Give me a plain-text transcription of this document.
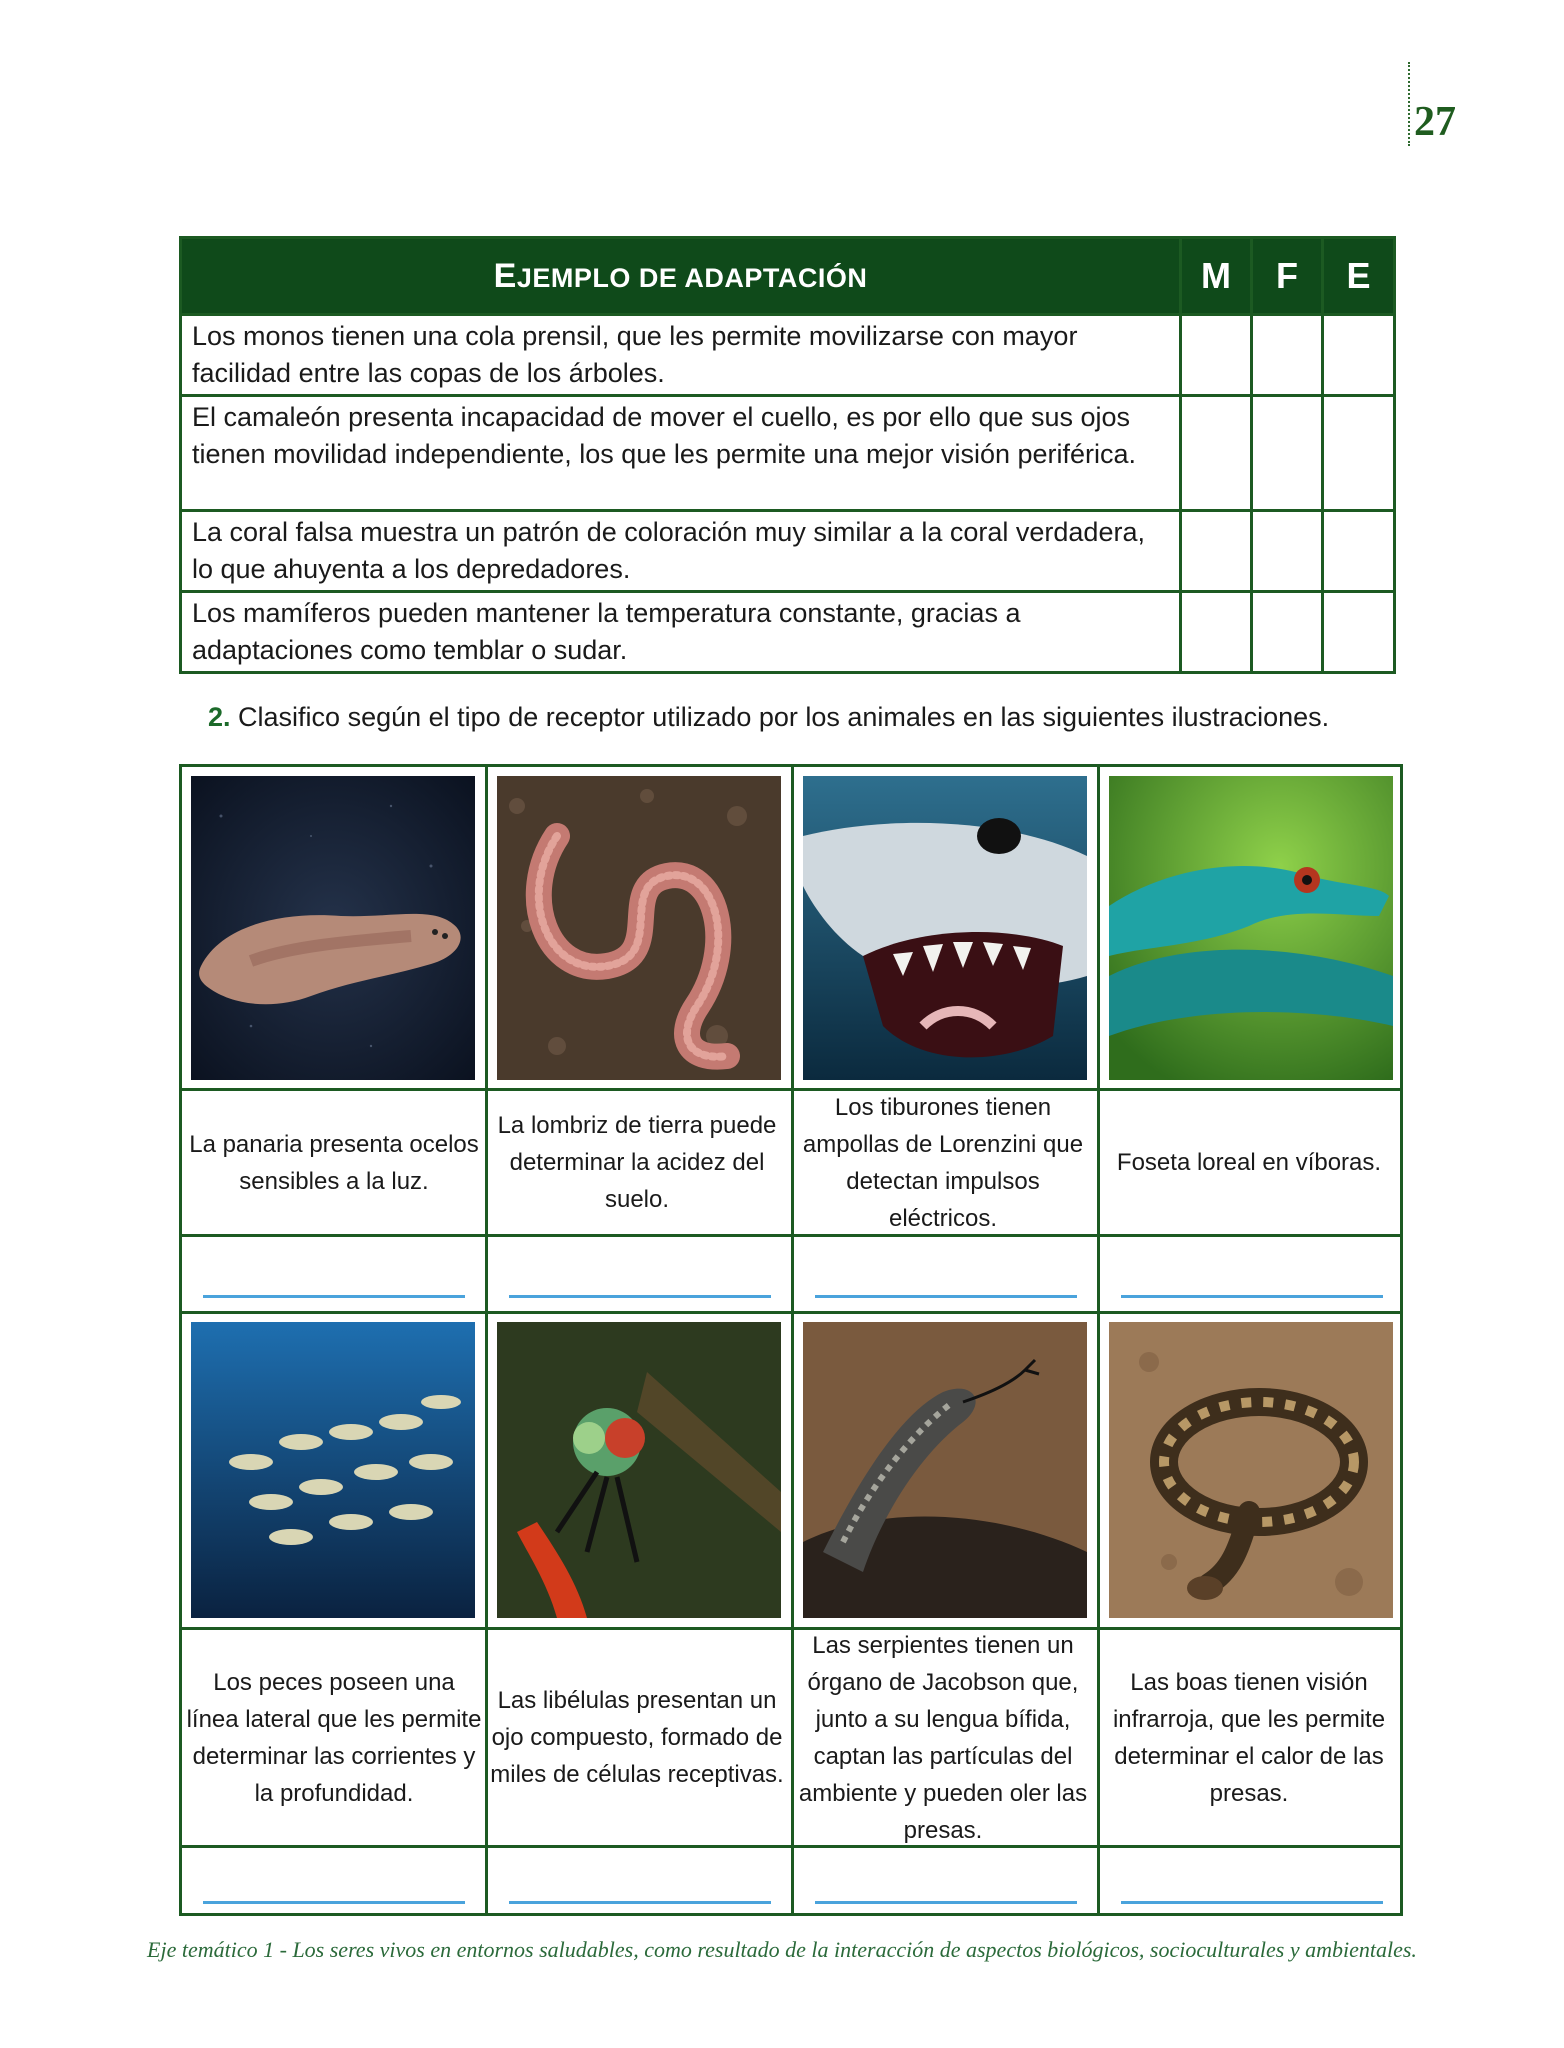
27
EJEMPLO DE ADAPTACIÓN	M	F	E
Los monos tienen una cola prensil, que les permite movilizarse con mayor facilidad entre las copas de los árboles.			
El camaleón presenta incapacidad de mover el cuello, es por ello que sus ojos tienen movilidad independiente, los que les permite una mejor visión periférica.			
La coral falsa muestra un patrón de coloración muy similar a la coral verdadera, lo que ahuyenta a los depredadores.			
Los mamíferos pueden mantener la temperatura constante, gracias a adaptaciones como temblar o sudar.			
2. Clasifico según el tipo de receptor utilizado por los animales en las siguientes ilustraciones.
La panaria presenta ocelos sensibles a la luz.
La lombriz de tierra puede determinar la acidez del suelo.
Los tiburones tienen ampollas de Lorenzini que detectan impulsos eléctricos.
Foseta loreal en víboras.
Los peces poseen una línea lateral que les permite determinar las corrientes y la profundidad.
Las libélulas presentan un ojo compuesto, formado de miles de células receptivas.
Las serpientes tienen un órgano de Jacobson que, junto a su lengua bífida, captan las partículas del ambiente y pueden oler las presas.
Las boas tienen visión infrarroja, que les permite determinar el calor de las presas.
Eje temático 1 - Los seres vivos en entornos saludables, como resultado de la interacción de aspectos biológicos, socioculturales y ambientales.
